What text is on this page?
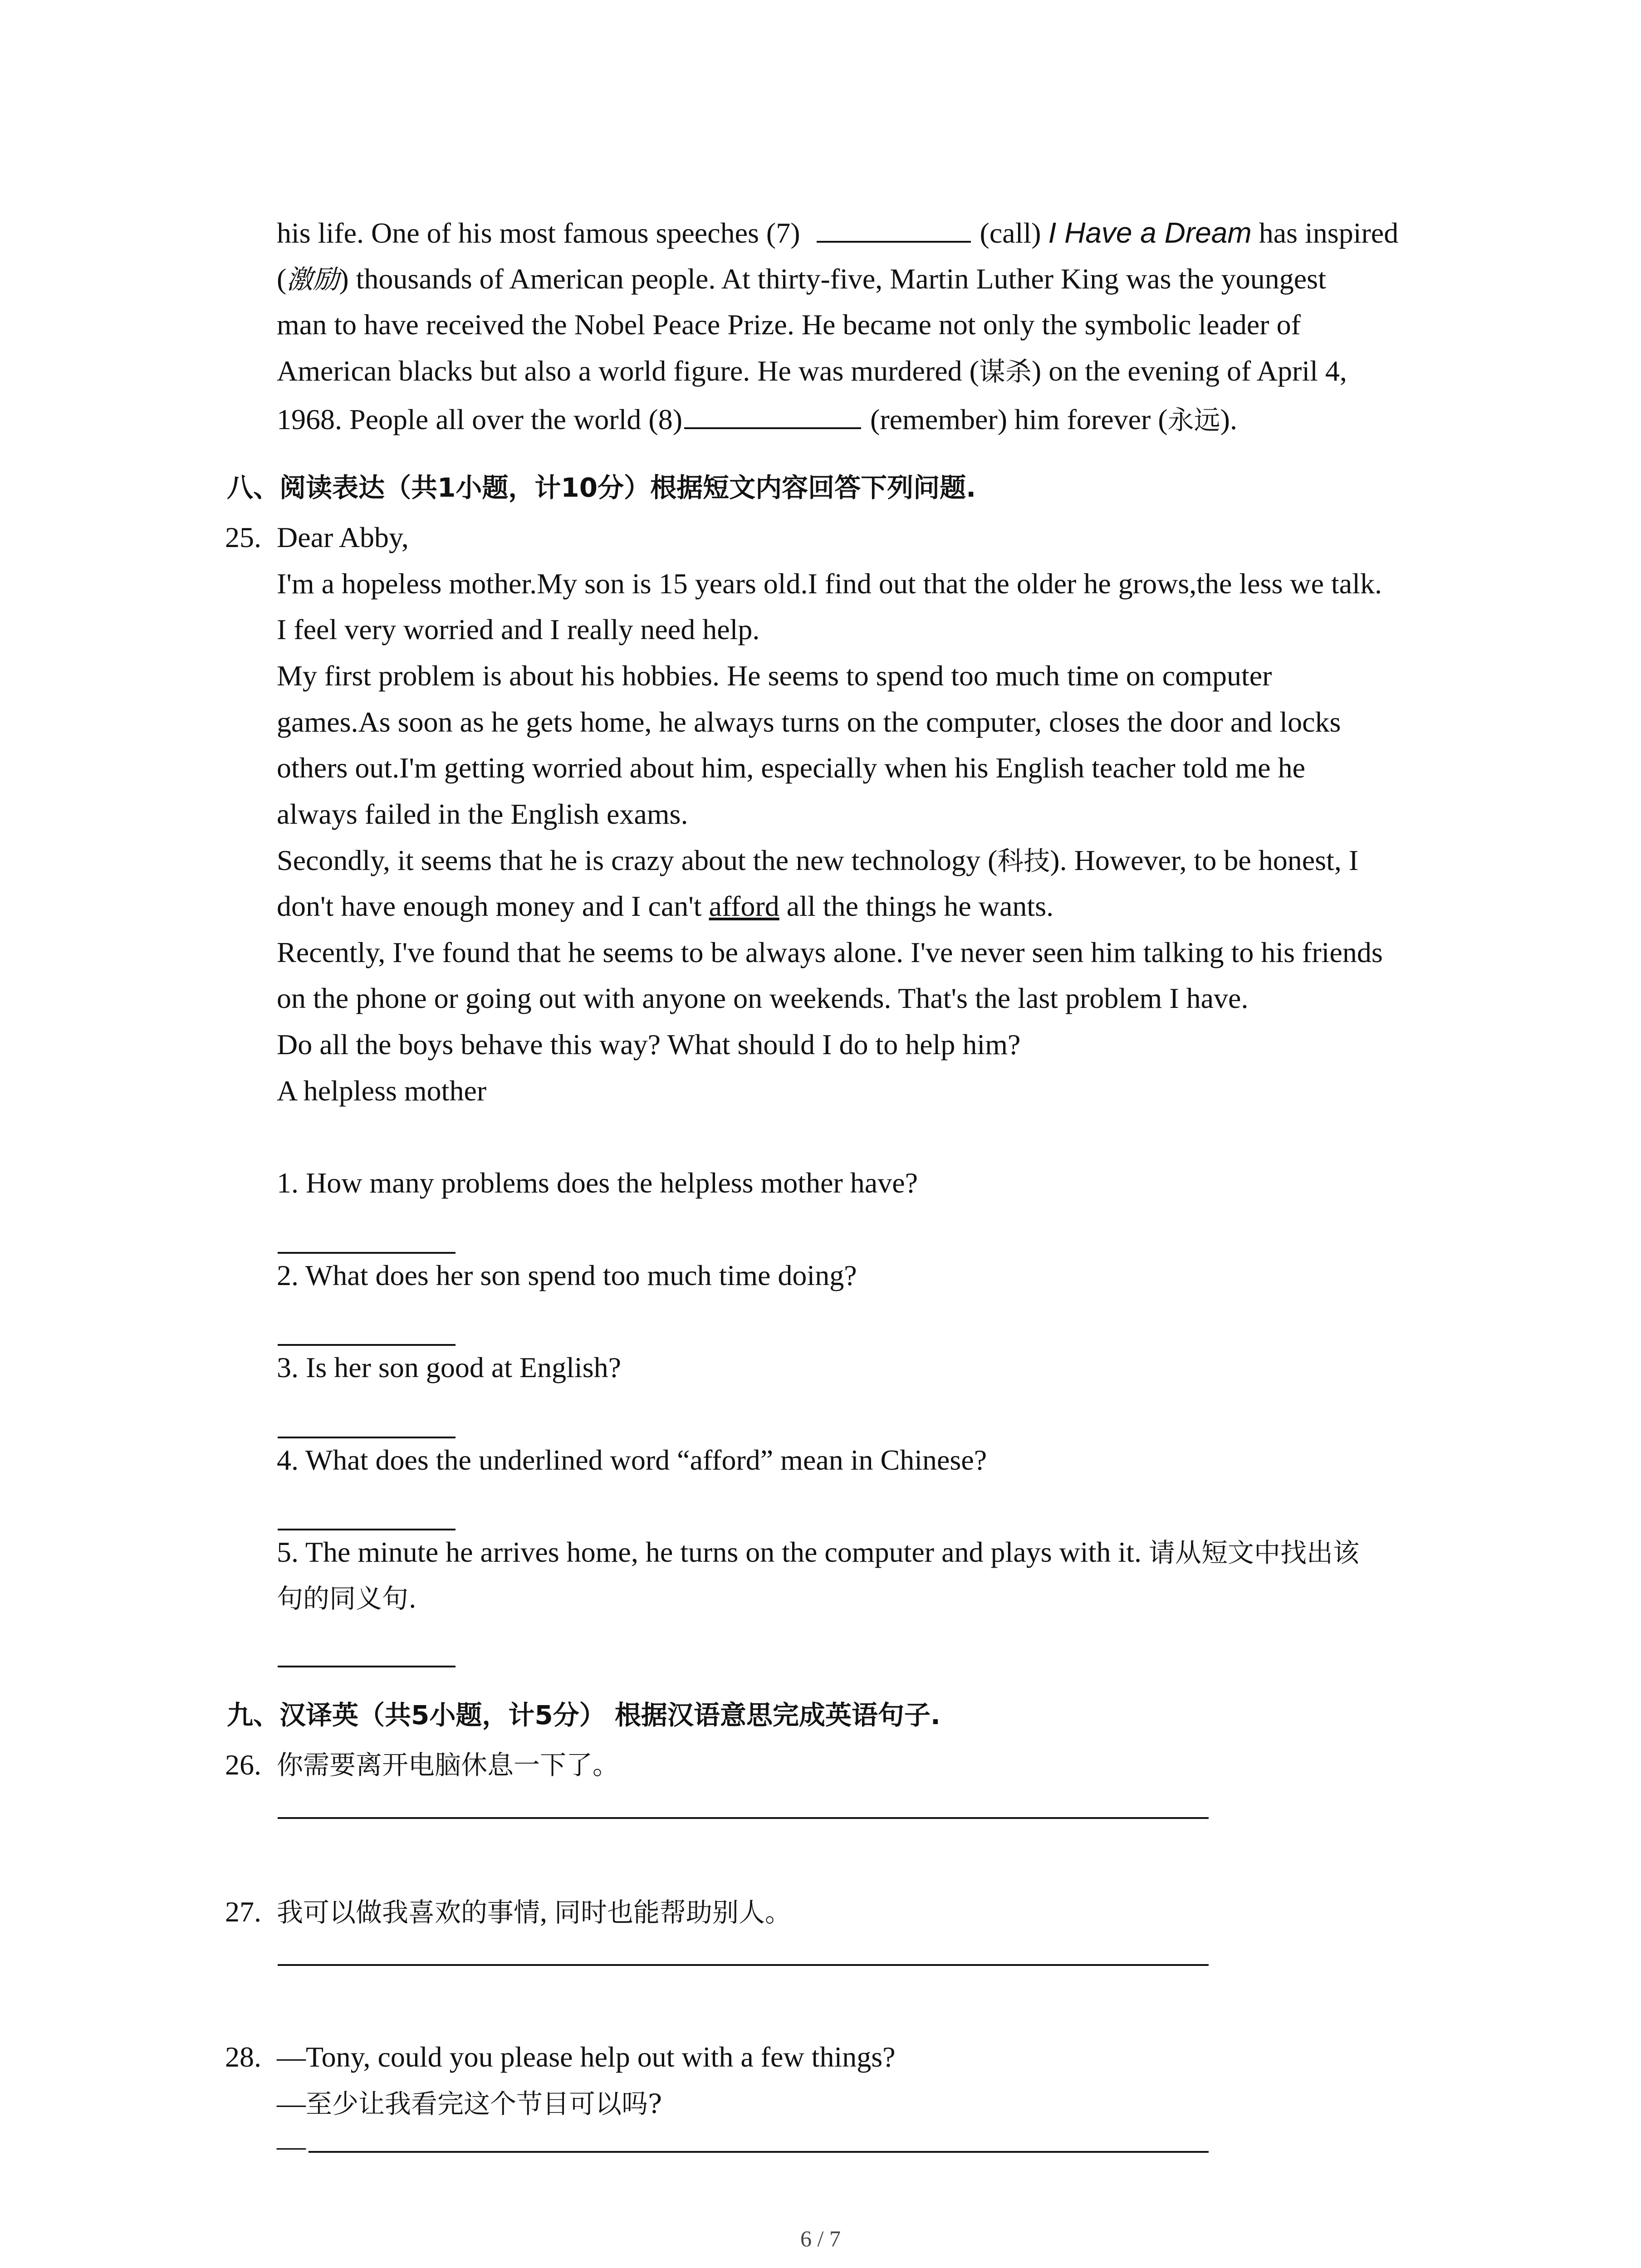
his life. One of his most famous speeches (7)	(call) I Have a Dream has inspired
(激励) thousands of American people. At thirty-five, Martin Luther King was the youngest
man to have received the Nobel Peace Prize. He became not only the symbolic leader of
American blacks but also a world figure. He was murdered (谋杀) on the evening of April 4,
1968. People all over the world (8)	(remember) him forever (永远).
八、阅读表达（共1小题，计10分）根据短文内容回答下列问题.
25. Dear Abby,
I'm a hopeless mother.My son is 15 years old.I find out that the older he grows,the less we talk.
I feel very worried and I really need help.
My first problem is about his hobbies. He seems to spend too much time on computer
games.As soon as he gets home, he always turns on the computer, closes the door and locks
others out.I'm getting worried about him, especially when his English teacher told me he
always failed in the English exams.
Secondly, it seems that he is crazy about the new technology (科技). However, to be honest, I
don't have enough money and I can't afford all the things he wants.
Recently, I've found that he seems to be always alone. I've never seen him talking to his friends
on the phone or going out with anyone on weekends. That's the last problem I have.
Do all the boys behave this way? What should I do to help him?
A helpless mother
1. How many problems does the helpless mother have?
2. What does her son spend too much time doing?
3. Is her son good at English?
4. What does the underlined word “afford” mean in Chinese?
5. The minute he arrives home, he turns on the computer and plays with it. 请从短文中找出该
句的同义句.
九、汉译英（共5小题，计5分） 根据汉语意思完成英语句子.
26. 你需要离开电脑休息一下了。
27. 我可以做我喜欢的事情, 同时也能帮助别人。
28. —Tony, could you please help out with a few things?
—至少让我看完这个节目可以吗?
—
6 / 7
